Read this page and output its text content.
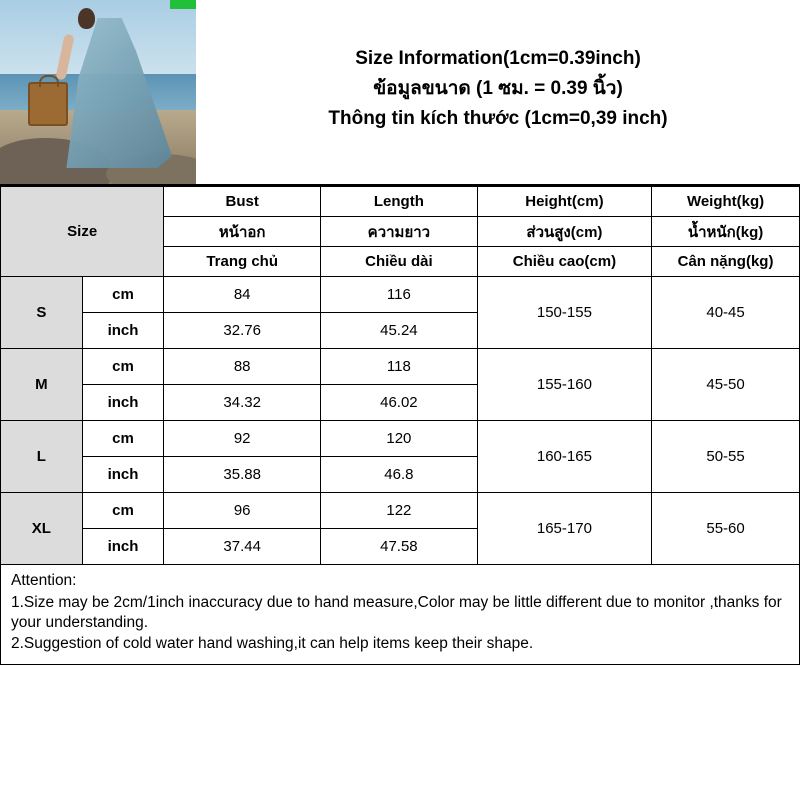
Size Information(1cm=0.39inch)
ข้อมูลขนาด (1 ซม. = 0.39 นิ้ว)
Thông tin kích thước (1cm=0,39 inch)
Size		Bust	Length	Height(cm)	Weight(kg)
		หน้าอก	ความยาว	ส่วนสูง(cm)	น้ำหนัก(kg)
		Trang chủ	Chiều dài	Chiều cao(cm)	Cân nặng(kg)
S	cm	84	116	150-155	40-45
	inch	32.76	45.24		
M	cm	88	118	155-160	45-50
	inch	34.32	46.02		
L	cm	92	120	160-165	50-55
	inch	35.88	46.8		
XL	cm	96	122	165-170	55-60
	inch	37.44	47.58		

Attention:

1.Size may be 2cm/1inch inaccuracy due to hand measure,Color may be little different due to monitor ,thanks for your understanding.

2.Suggestion of cold water hand washing,it can help items keep their shape.
